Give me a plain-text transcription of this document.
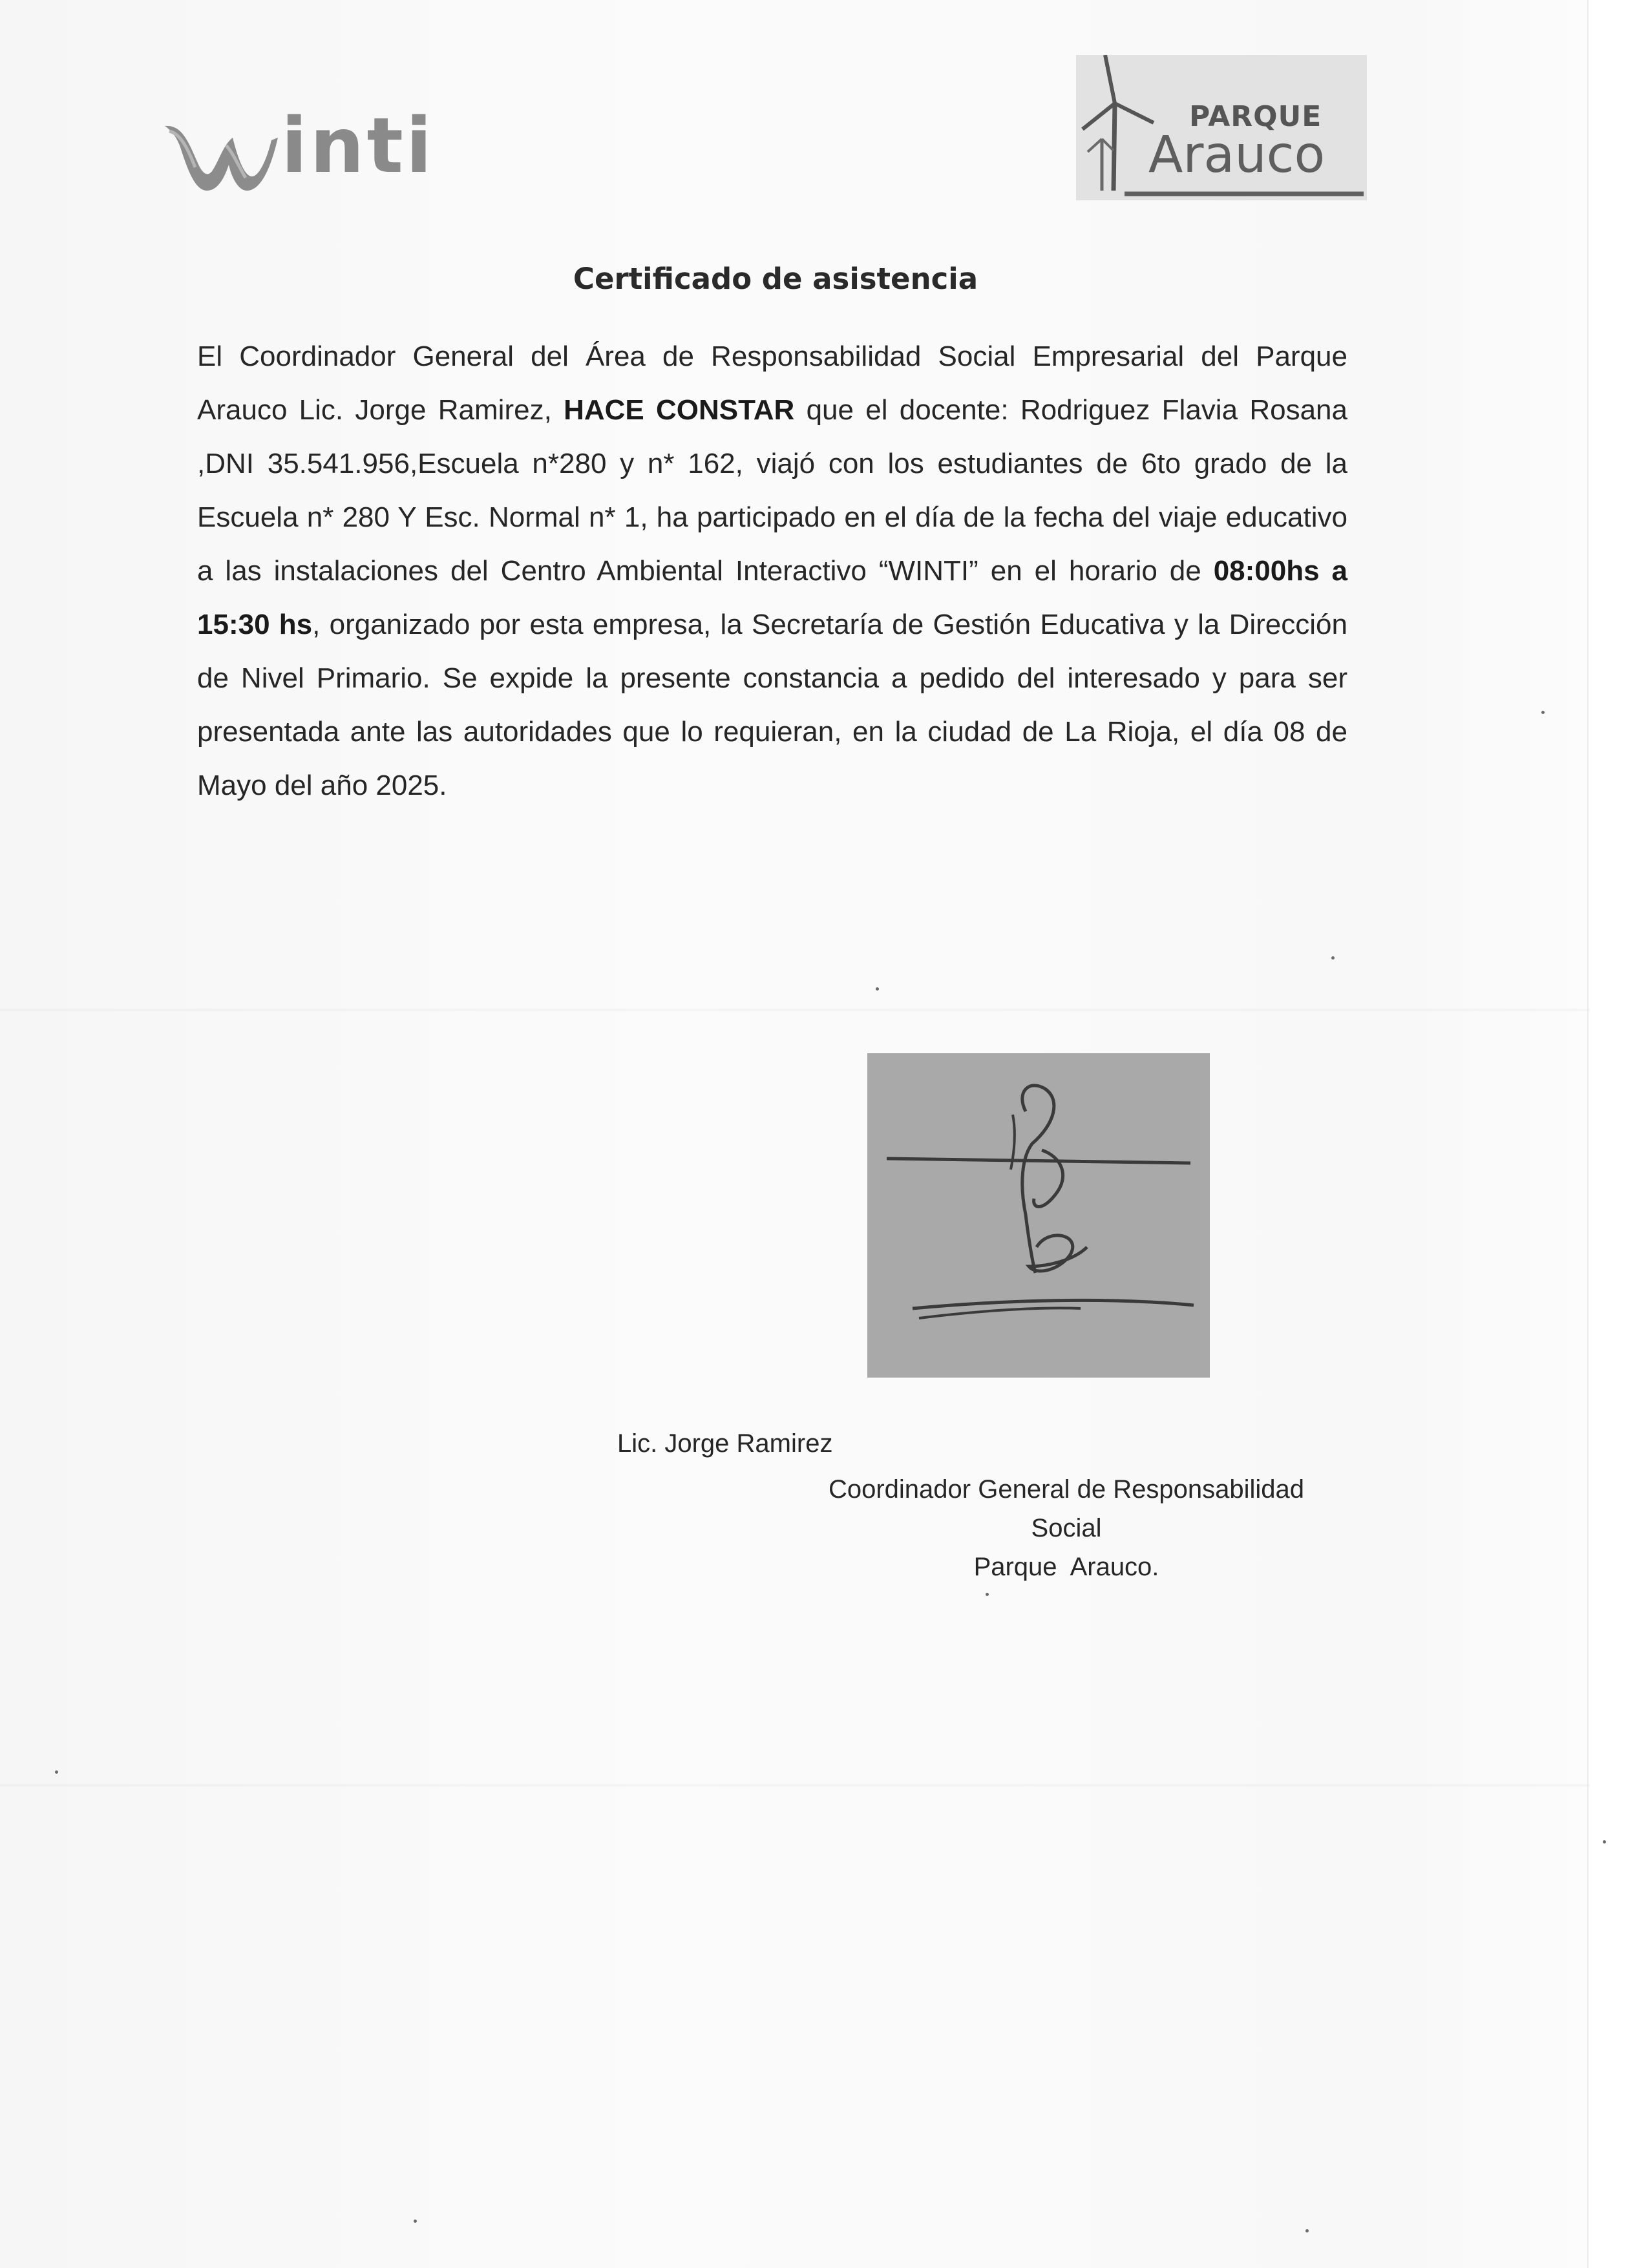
PARQUE
Arauco
Certificado de asistencia
El Coordinador General del Área de Responsabilidad Social Empresarial del Parque Arauco Lic. Jorge Ramirez, HACE CONSTAR que el docente: Rodriguez Flavia Rosana ,DNI 35.541.956,Escuela n*280 y n* 162, viajó con los estudiantes de 6to grado de la Escuela n* 280 Y Esc. Normal n* 1, ha participado en el día de la fecha del viaje educativo a las instalaciones del Centro Ambiental Interactivo “WINTI” en el horario de 08:00hs a 15:30 hs, organizado por esta empresa, la Secretaría de Gestión Educativa y la Dirección de Nivel Primario. Se expide la presente constancia a pedido del interesado y para ser presentada ante las autoridades que lo requieran, en la ciudad de La Rioja, el día 08 de Mayo del año 2025.
Lic. Jorge Ramirez
Coordinador General de Responsabilidad
Social
Parque  Arauco.
inti
